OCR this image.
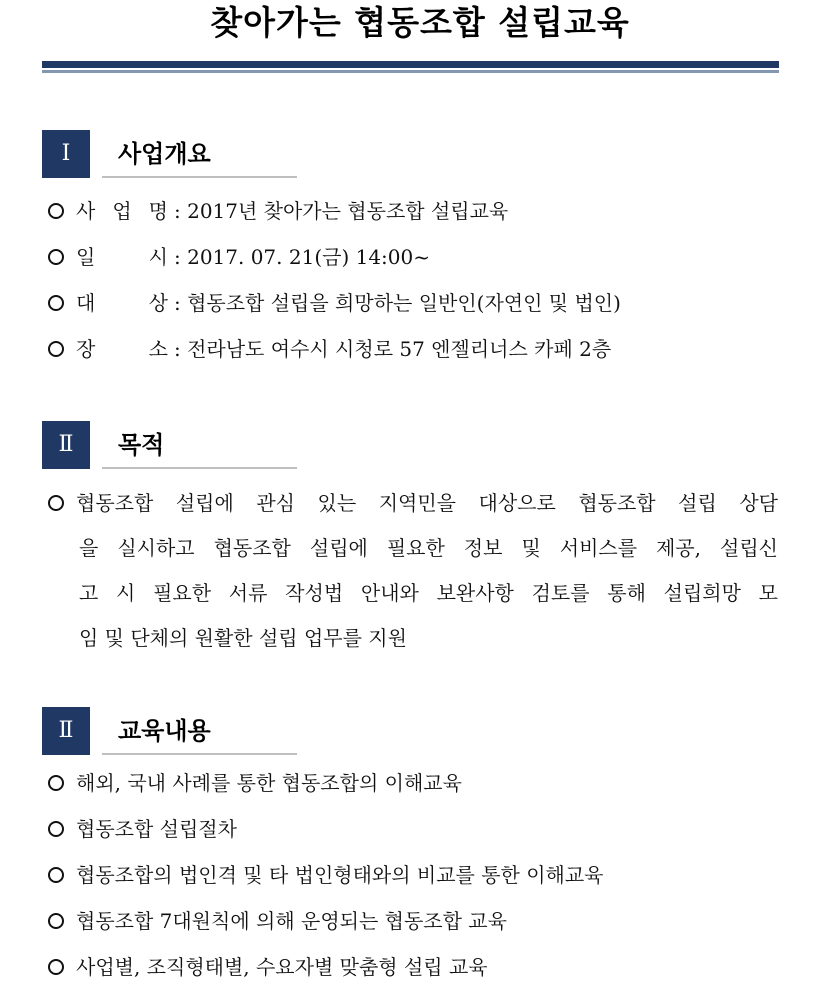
찾아가는 협동조합 설립교육
Ⅰ	사업개요
사 업 명 : 2017년 찾아가는 협동조합 설립교육
일 시 : 2017. 07. 21(금) 14:00~
대 상 : 협동조합 설립을 희망하는 일반인(자연인 및 법인)
장 소 : 전라남도 여수시 시청로 57 엔젤리너스 카페 2층
Ⅱ	목적
협동조합 설립에 관심 있는 지역민을 대상으로 협동조합 설립 상담
을 실시하고 협동조합 설립에 필요한 정보 및 서비스를 제공, 설립신
고 시 필요한 서류 작성법 안내와 보완사항 검토를 통해 설립희망 모
임 및 단체의 원활한 설립 업무를 지원
Ⅱ	교육내용
해외, 국내 사례를 통한 협동조합의 이해교육
협동조합 설립절차
협동조합의 법인격 및 타 법인형태와의 비교를 통한 이해교육
협동조합 7대원칙에 의해 운영되는 협동조합 교육
사업별, 조직형태별, 수요자별 맞춤형 설립 교육
